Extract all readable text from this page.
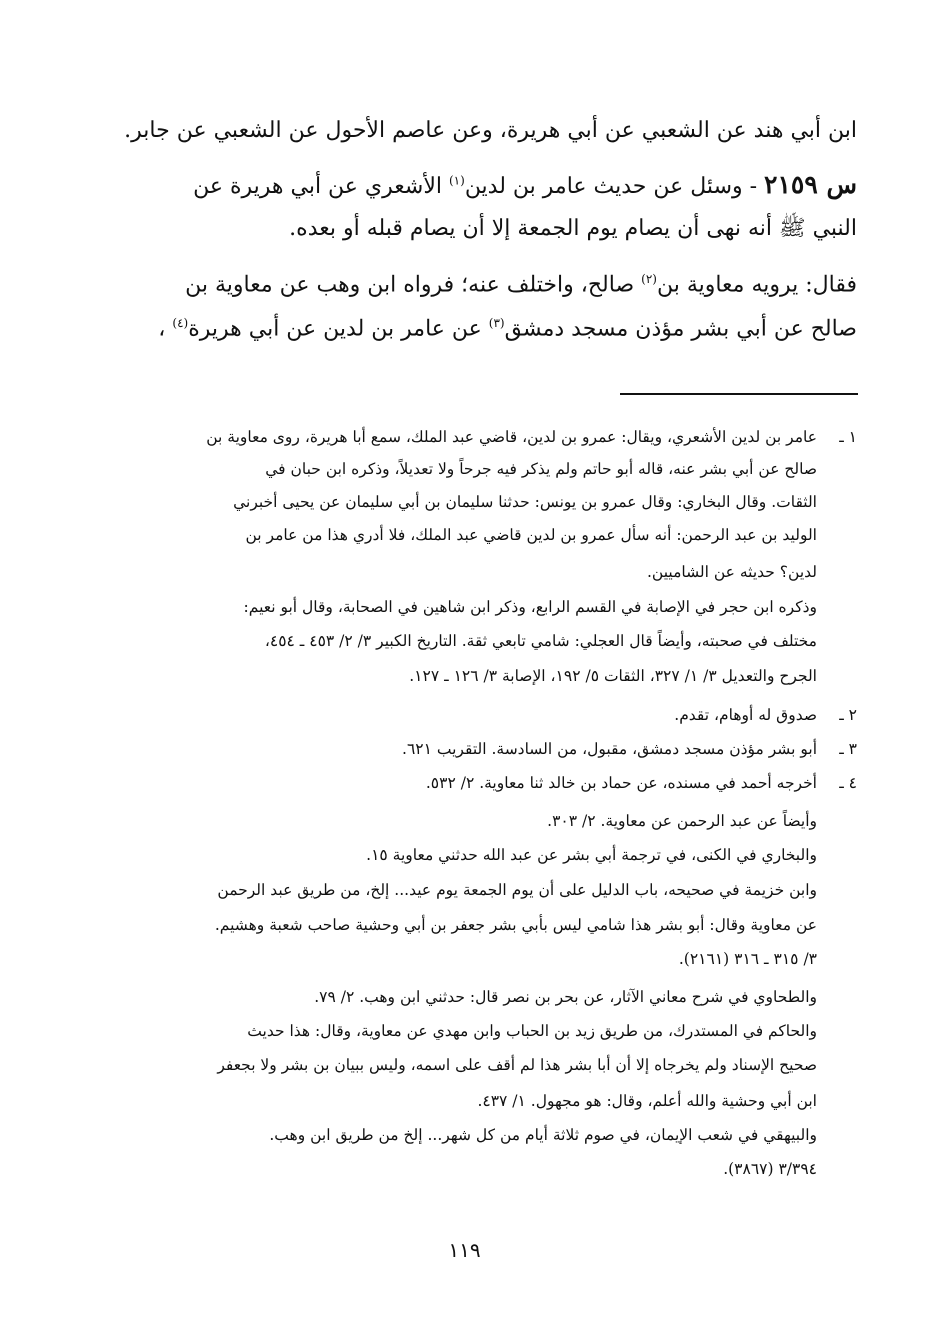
ابن أبي هند عن الشعبي عن أبي هريرة، وعن عاصم الأحول عن الشعبي عن جابر.
س ٢١٥٩ - وسئل عن حديث عامر بن لدين$^{(١)}$ الأشعري عن أبي هريرة عن
النبي ﷺ أنه نهى أن يصام يوم الجمعة إلا أن يصام قبله أو بعده.
فقال: يرويه معاوية بن$^{(٢)}$ صالح، واختلف عنه؛ فرواه ابن وهب عن معاوية بن
صالح عن أبي بشر مؤذن مسجد دمشق$^{(٣)}$ عن عامر بن لدين عن أبي هريرة$^{(٤)}$ ،
١ ـ
عامر بن لدين الأشعري، ويقال: عمرو بن لدين، قاضي عبد الملك، سمع أبا هريرة، روى معاوية بن
صالح عن أبي بشر عنه، قاله أبو حاتم ولم يذكر فيه جرحاً ولا تعديلاً، وذكره ابن حبان في
الثقات. وقال البخاري: وقال عمرو بن يونس: حدثنا سليمان بن أبي سليمان عن يحيى أخبرني
الوليد بن عبد الرحمن: أنه سأل عمرو بن لدين قاضي عبد الملك، فلا أدري هذا من عامر بن
لدين؟ حديثه عن الشاميين.
وذكره ابن حجر في الإصابة في القسم الرابع، وذكر ابن شاهين في الصحابة، وقال أبو نعيم:
مختلف في صحبته، وأيضاً قال العجلي: شامي تابعي ثقة. التاريخ الكبير ٣/ ٢/ ٤٥٣ ـ ٤٥٤،
الجرح والتعديل ٣/ ١/ ٣٢٧، الثقات ٥/ ١٩٢، الإصابة ٣/ ١٢٦ ـ ١٢٧.
٢ ـ
صدوق له أوهام، تقدم.
٣ ـ
أبو بشر مؤذن مسجد دمشق، مقبول، من السادسة. التقريب ٦٢١.
٤ ـ
أخرجه أحمد في مسنده، عن حماد بن خالد ثنا معاوية. ٢/ ٥٣٢.
وأيضاً عن عبد الرحمن عن معاوية. ٢/ ٣٠٣.
والبخاري في الكنى، في ترجمة أبي بشر عن عبد الله حدثني معاوية ١٥.
وابن خزيمة في صحيحه، باب الدليل على أن يوم الجمعة يوم عيد... إلخ، من طريق عبد الرحمن
عن معاوية وقال: أبو بشر هذا شامي ليس بأبي بشر جعفر بن أبي وحشية صاحب شعبة وهشيم.
٣/ ٣١٥ ـ ٣١٦ (٢١٦١).
والطحاوي في شرح معاني الآثار، عن بحر بن نصر قال: حدثني ابن وهب. ٢/ ٧٩.
والحاكم في المستدرك، من طريق زيد بن الحباب وابن مهدي عن معاوية، وقال: هذا حديث
صحيح الإسناد ولم يخرجاه إلا أن أبا بشر هذا لم أقف على اسمه، وليس ببيان بن بشر ولا بجعفر
ابن أبي وحشية والله أعلم، وقال: هو مجهول. ١/ ٤٣٧.
والبيهقي في شعب الإيمان، في صوم ثلاثة أيام من كل شهر... إلخ من طريق ابن وهب.
٣/٣٩٤ (٣٨٦٧).
١١٩
